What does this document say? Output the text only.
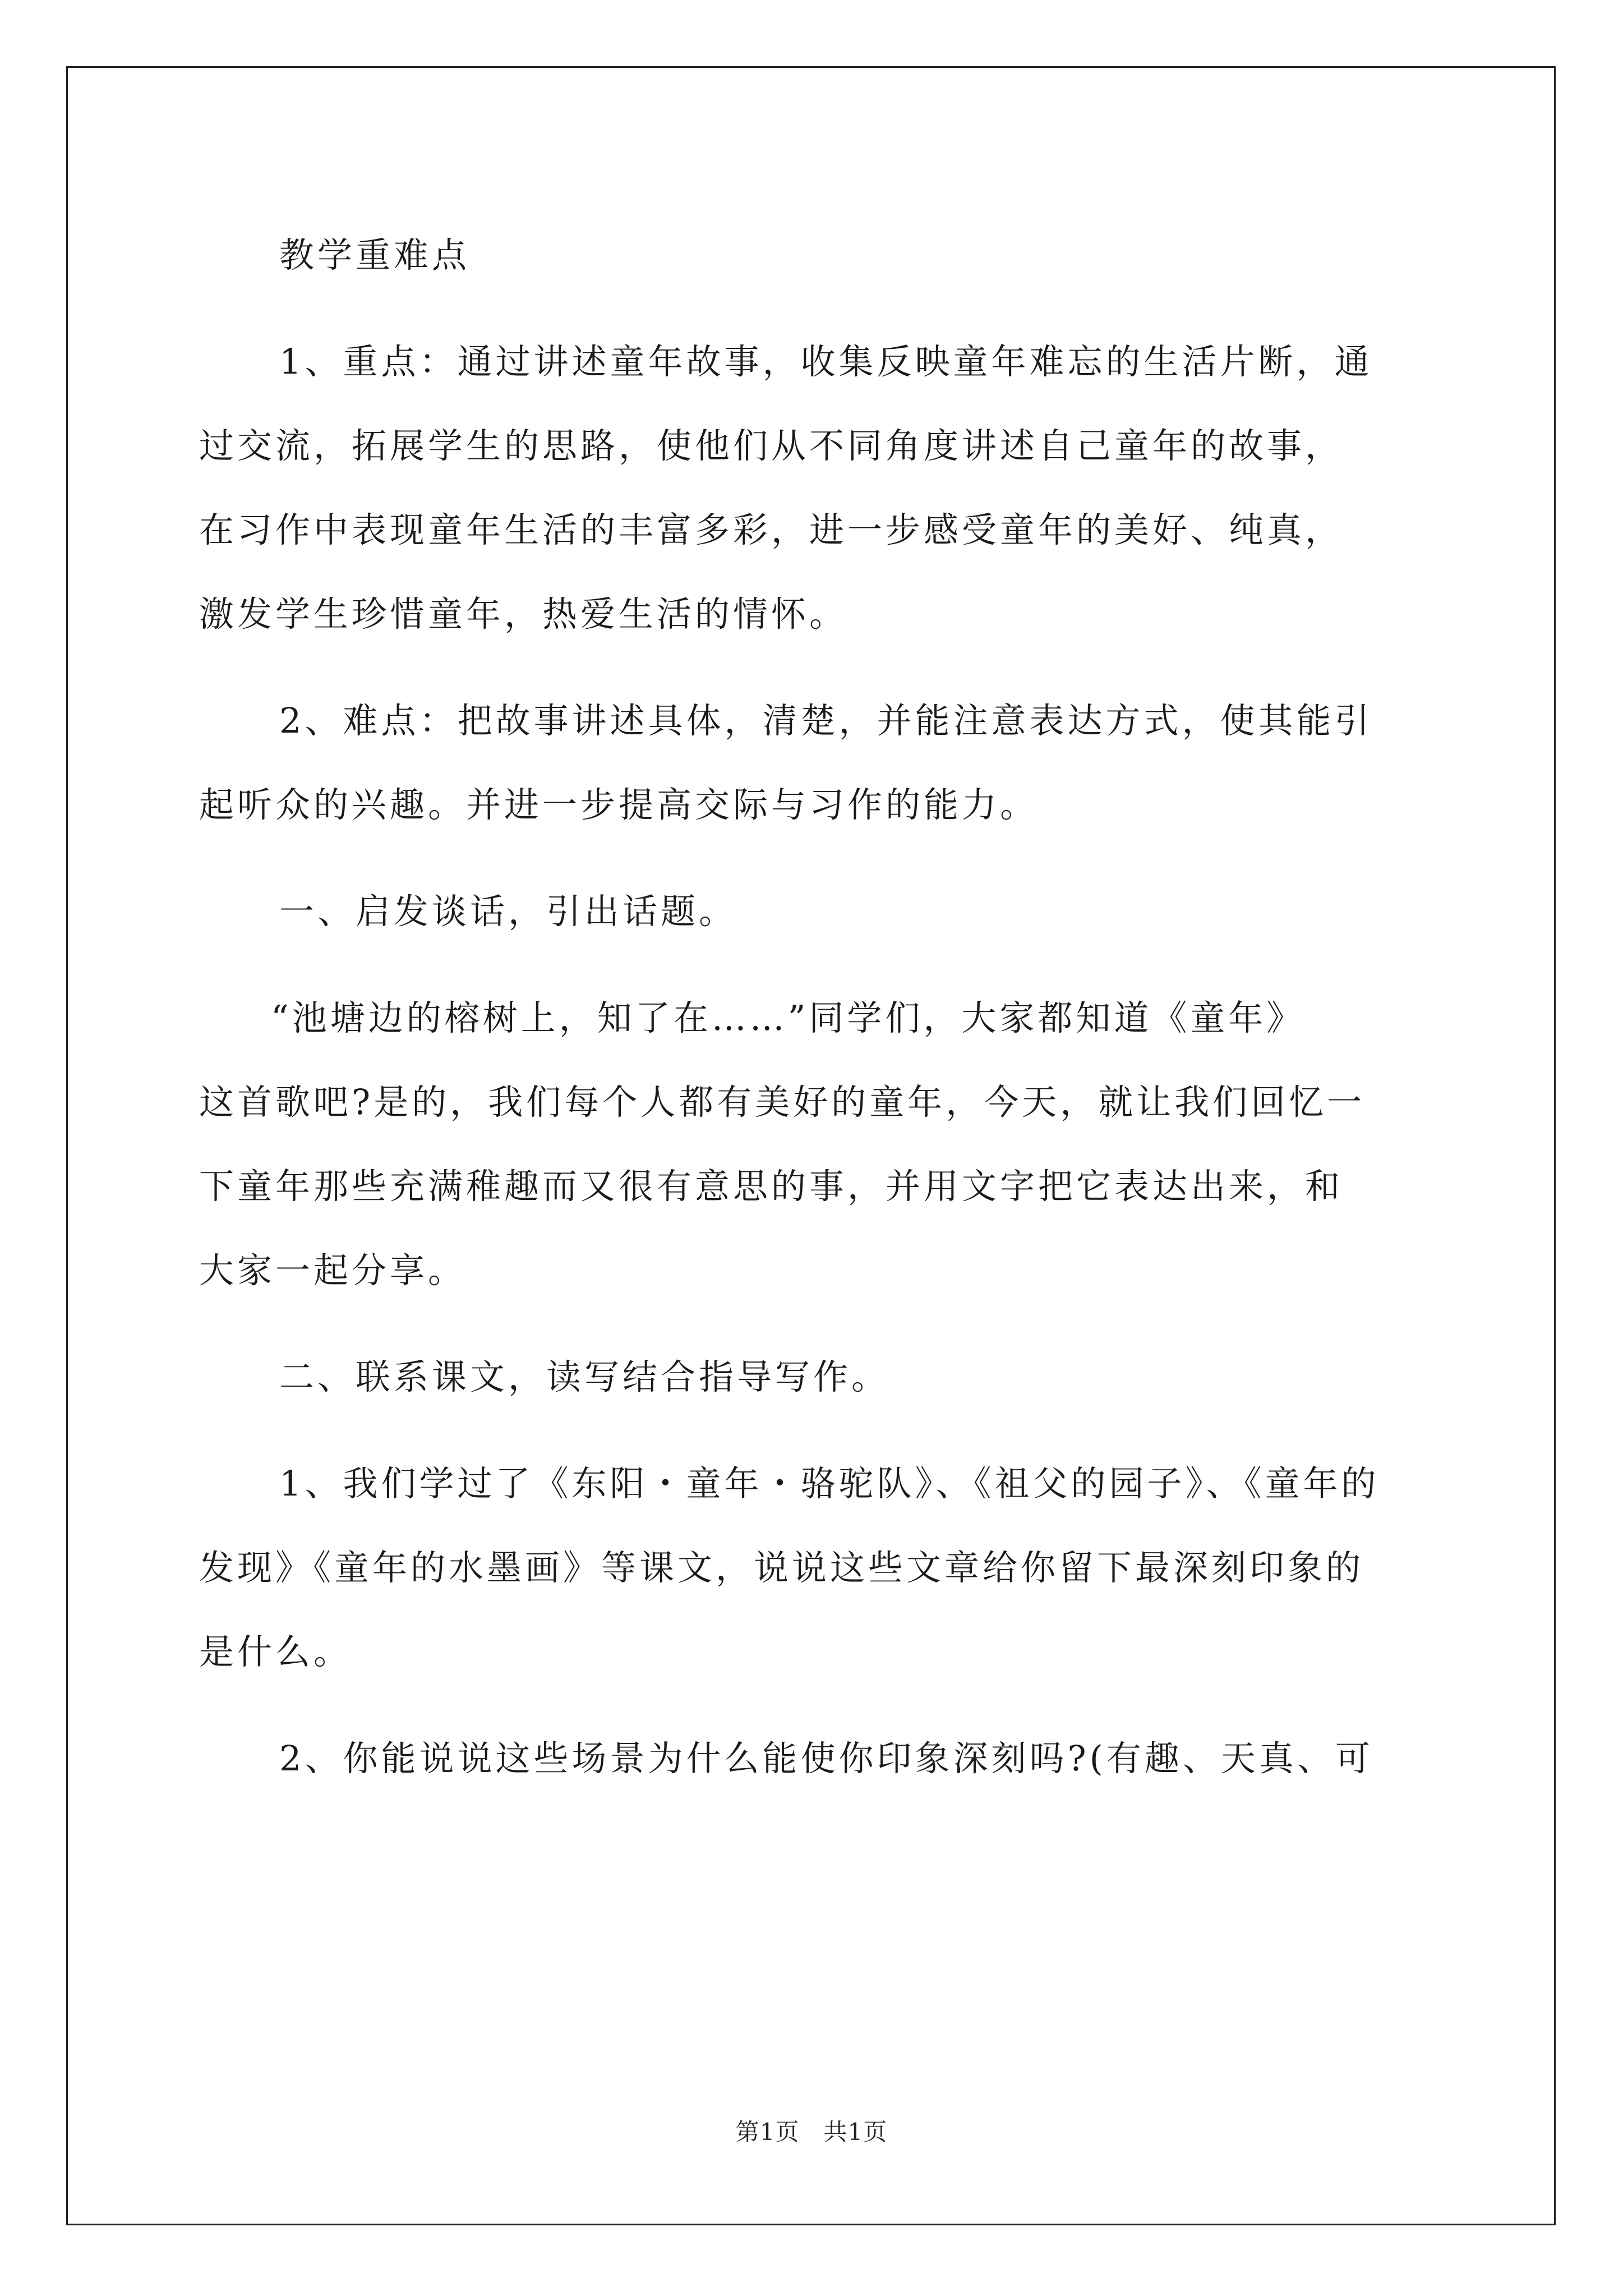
教学重难点

1、重点：通过讲述童年故事，收集反映童年难忘的生活片断，通
过交流，拓展学生的思路，使他们从不同角度讲述自己童年的故事，
在习作中表现童年生活的丰富多彩，进一步感受童年的美好、纯真，
激发学生珍惜童年，热爱生活的情怀。

2、难点：把故事讲述具体，清楚，并能注意表达方式，使其能引
起听众的兴趣。并进一步提高交际与习作的能力。

一、启发谈话，引出话题。

“池塘边的榕树上，知了在……”同学们，大家都知道《童年》
这首歌吧?是的，我们每个人都有美好的童年，今天，就让我们回忆一
下童年那些充满稚趣而又很有意思的事，并用文字把它表达出来，和
大家一起分享。

二、联系课文，读写结合指导写作。

1、我们学过了《东阳・童年・骆驼队》、《祖父的园子》、《童年的
发现》《童年的水墨画》等课文，说说这些文章给你留下最深刻印象的
是什么。

2、你能说说这些场景为什么能使你印象深刻吗?(有趣、天真、可

第1页　共1页
